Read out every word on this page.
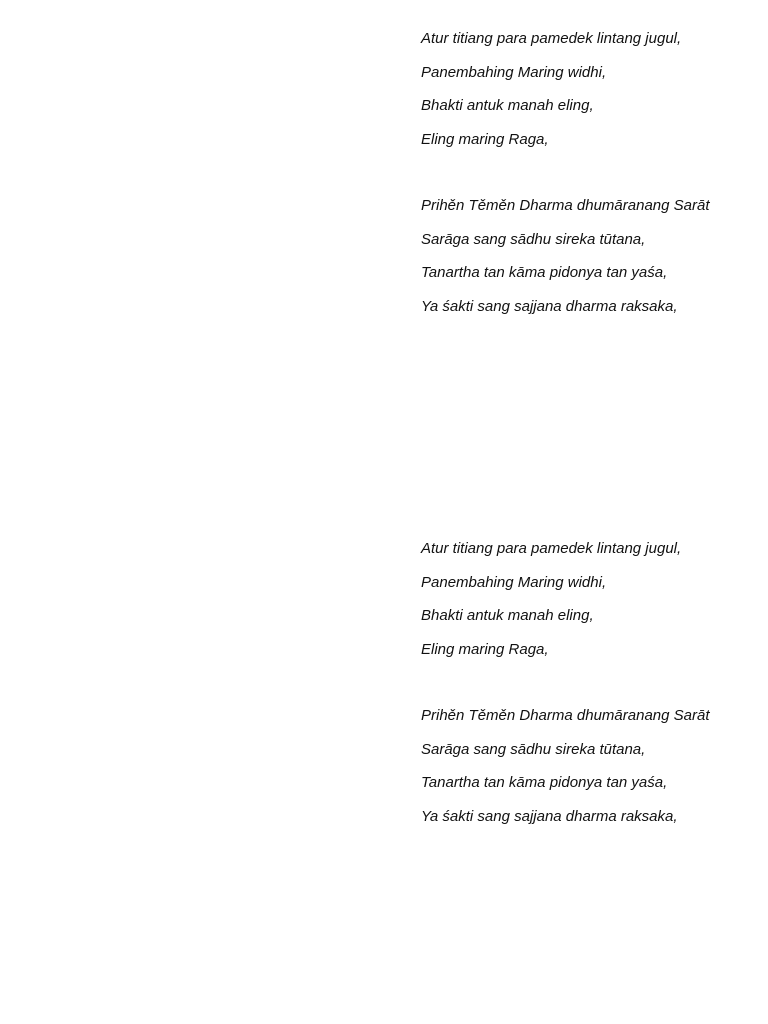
Atur titiang para pamedek lintang jugul,
Panembahing Maring widhi,
Bhakti antuk manah eling,
Eling maring Raga,
Prihěn Těměn Dharma dhumāranang Sarāt
Sarāga sang sādhu sireka tūtana,
Tanartha tan kāma pidonya tan yaśa,
Ya śakti sang sajjana dharma raksaka,
Atur titiang para pamedek lintang jugul,
Panembahing Maring widhi,
Bhakti antuk manah eling,
Eling maring Raga,
Prihěn Těměn Dharma dhumāranang Sarāt
Sarāga sang sādhu sireka tūtana,
Tanartha tan kāma pidonya tan yaśa,
Ya śakti sang sajjana dharma raksaka,
